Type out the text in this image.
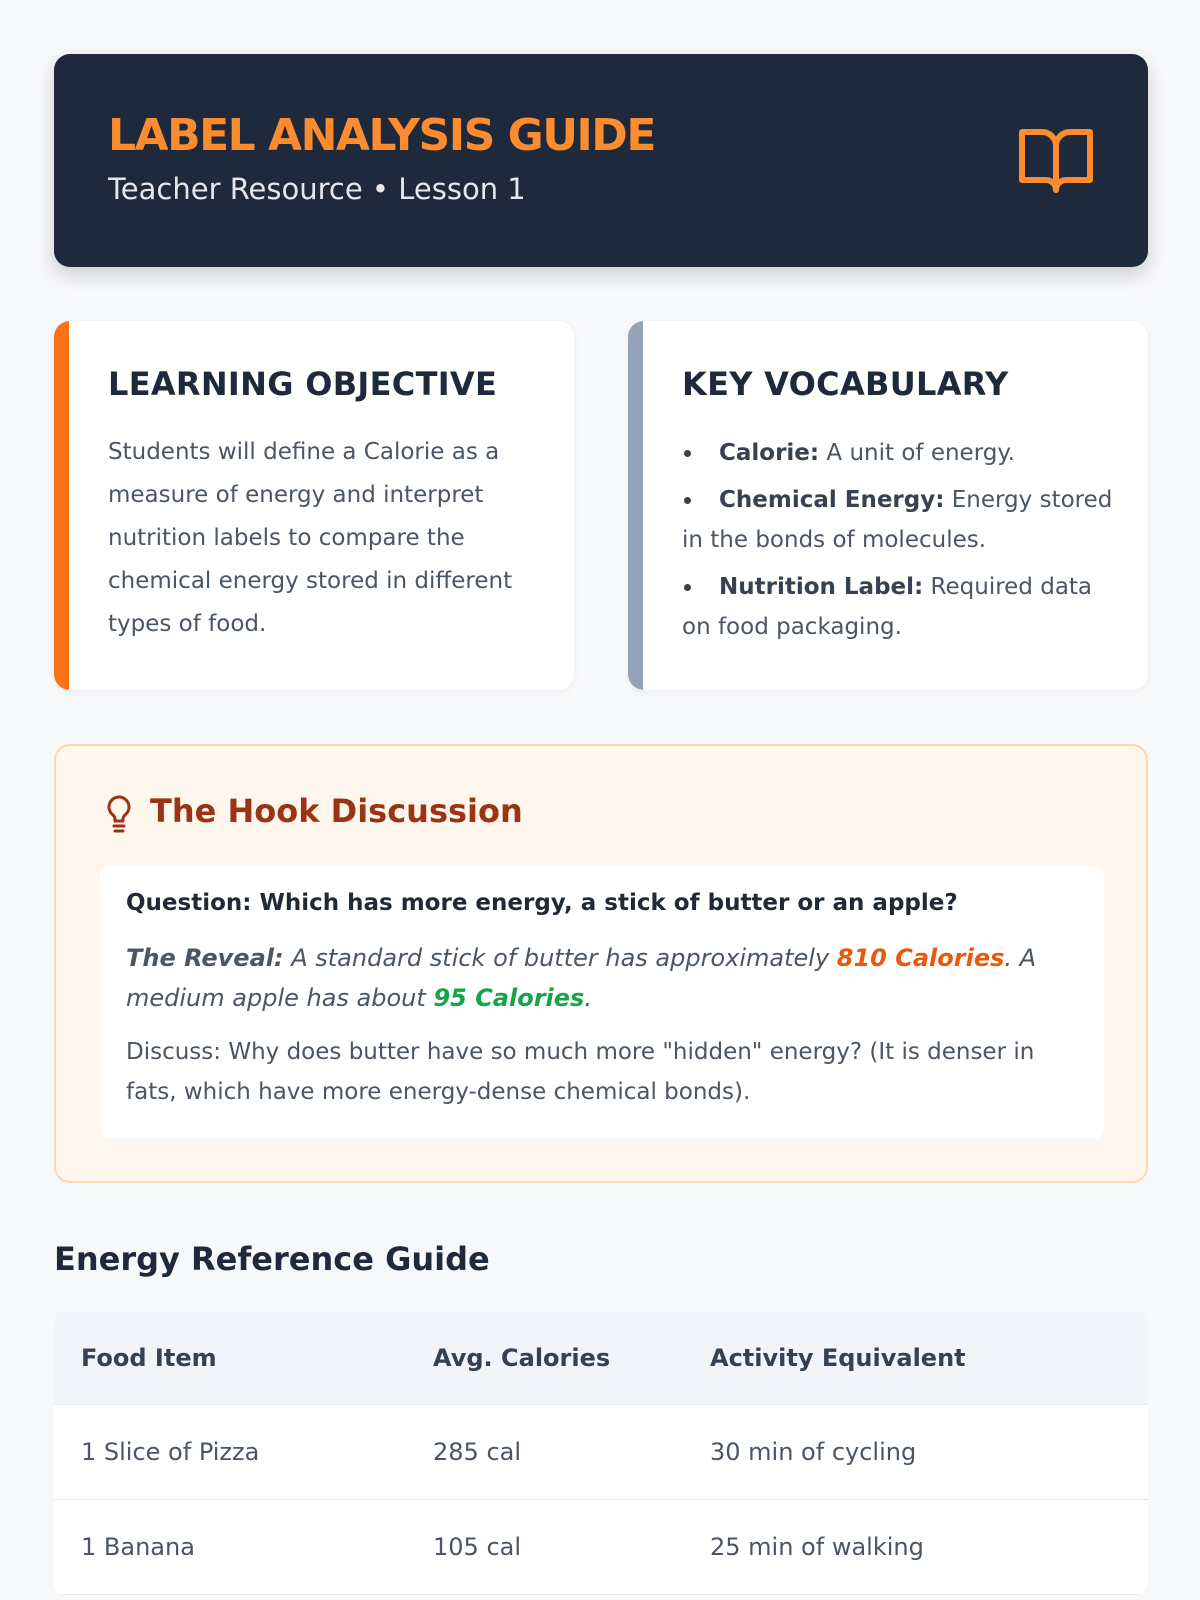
LABEL ANALYSIS GUIDE
Teacher Resource • Lesson 1
LEARNING OBJECTIVE
Students will define a Calorie as a measure of energy and interpret nutrition labels to compare the chemical energy stored in different types of food.
KEY VOCABULARY
Calorie: A unit of energy.
Chemical Energy: Energy stored
in the bonds of molecules.
Nutrition Label: Required data
on food packaging.
The Hook Discussion
Question: Which has more energy, a stick of butter or an apple?
The Reveal: A standard stick of butter has approximately 810 Calories. A medium apple has about 95 Calories.
Discuss: Why does butter have so much more "hidden" energy? (It is denser in fats, which have more energy-dense chemical bonds).
Energy Reference Guide
Food Item	Avg. Calories	Activity Equivalent
1 Slice of Pizza	285 cal	30 min of cycling
1 Banana	105 cal	25 min of walking
